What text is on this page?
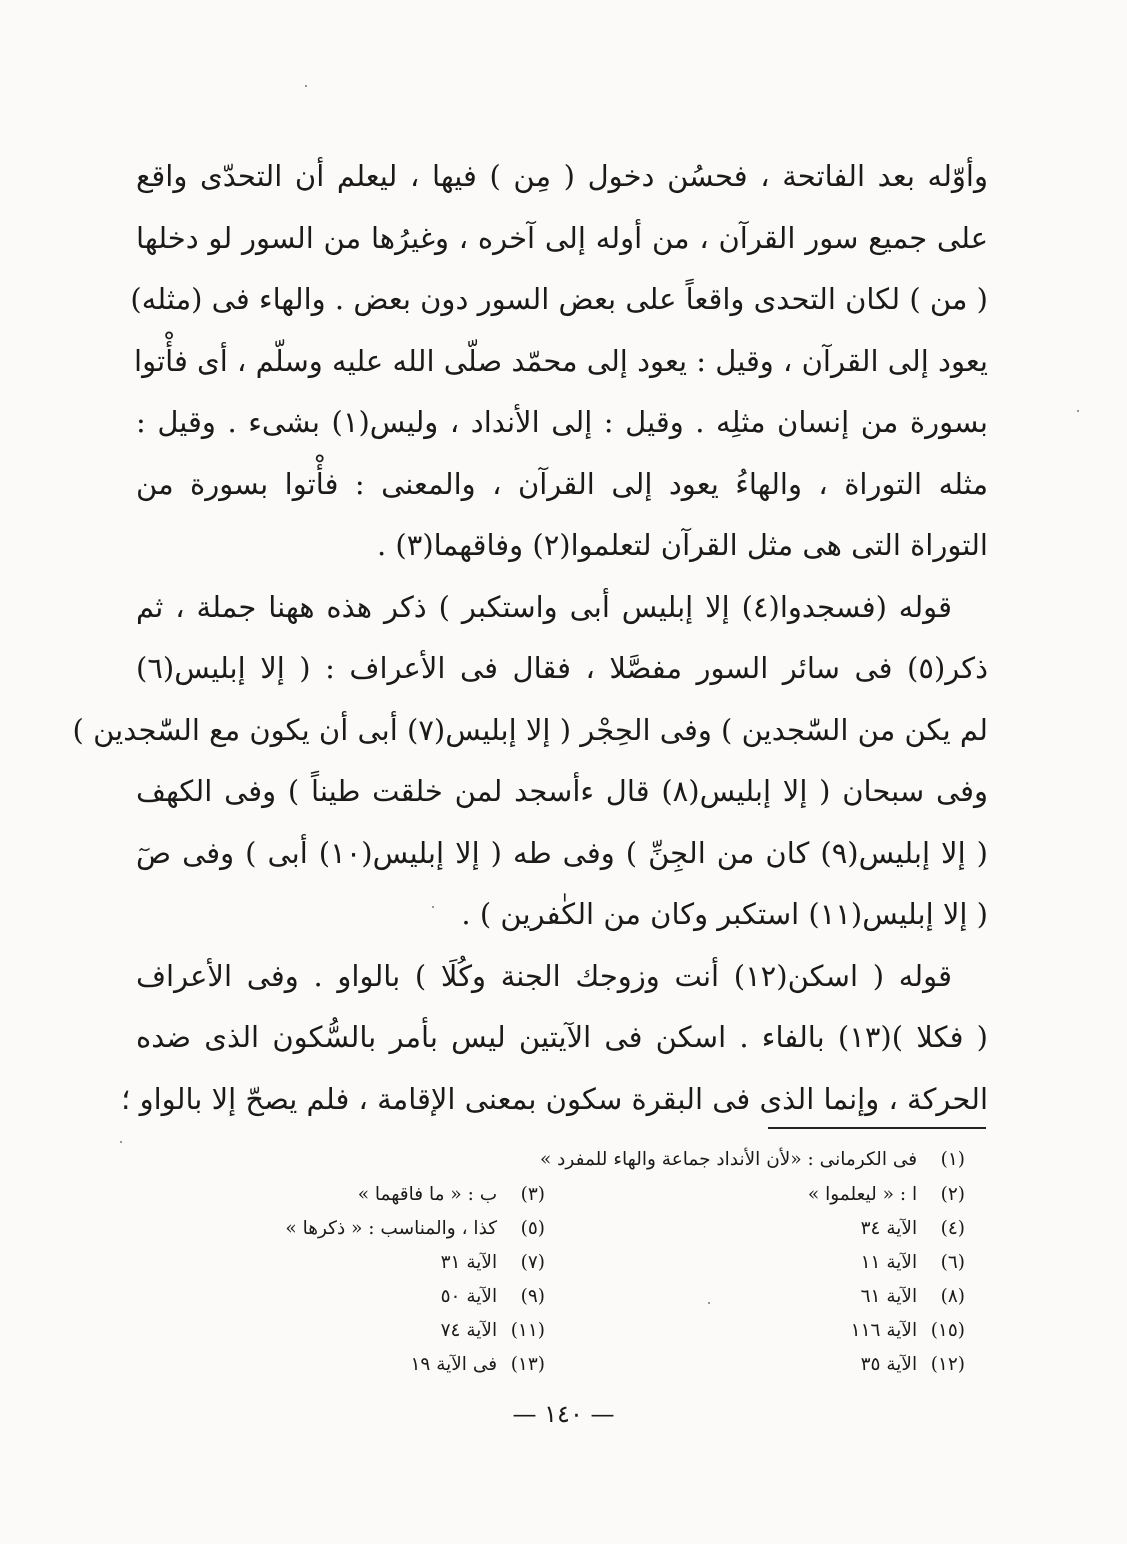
وأوّله بعد الفاتحة ، فحسُن دخول ( مِن ) فيها ، ليعلم أن التحدّى واقع
على جميع سور القرآن ، من أوله إلى آخره ، وغيرُها من السور لو دخلها
( من ) لكان التحدى واقعاً على بعض السور دون بعض . والهاء فى (مثله)
يعود إلى القرآن ، وقيل : يعود إلى محمّد صلّى الله عليه وسلّم ، أى فأْتوا
بسورة من إنسان مثلِه . وقيل : إلى الأنداد ، وليس(١) بشىء . وقيل :
مثله التوراة ، والهاءُ يعود إلى القرآن ، والمعنى : فأْتوا بسورة من
التوراة التى هى مثل القرآن لتعلموا(٢) وفاقهما(٣) .
قوله (فسجدوا(٤) إلا إبليس أبى واستكبر ) ذكر هذه ههنا جملة ، ثم
ذكر(٥) فى سائر السور مفصَّلا ، فقال فى الأعراف : ( إلا إبليس(٦)
لم يكن من السّٰجدين ) وفى الحِجْر ( إلا إبليس(٧) أبى أن يكون مع السّٰجدين )
وفى سبحان ( إلا إبليس(٨) قال ءأسجد لمن خلقت طيناً ) وفى الكهف
( إلا إبليس(٩) كان من الجِنِّ ) وفى طه ( إلا إبليس(١٠) أبى ) وفى صٓ
( إلا إبليس(١١) استكبر وكان من الكٰفرين ) .
قوله ( اسكن(١٢) أنت وزوجك الجنة وكُلَا ) بالواو . وفى الأعراف
( فكلا )(١٣) بالفاء . اسكن فى الآيتين ليس بأمر بالسُّكون الذى ضده
الحركة ، وإنما الذى فى البقرة سكون بمعنى الإقامة ، فلم يصحّ إلا بالواو ؛
(١) فى الكرمانى : «لأن الأنداد جماعة والهاء للمفرد »
(٢) ا : « ليعلموا »
(٣) ب : « ما فاقهما »
(٤) الآية ٣٤
(٥) كذا ، والمناسب : « ذكرها »
(٦) الآية ١١
(٧) الآية ٣١
(٨) الآية ٦١
(٩) الآية ٥٠
(١٥) الآية ١١٦
(١١) الآية ٧٤
(١٢) الآية ٣٥
(١٣) فى الآية ١٩
— ١٤٠ —
